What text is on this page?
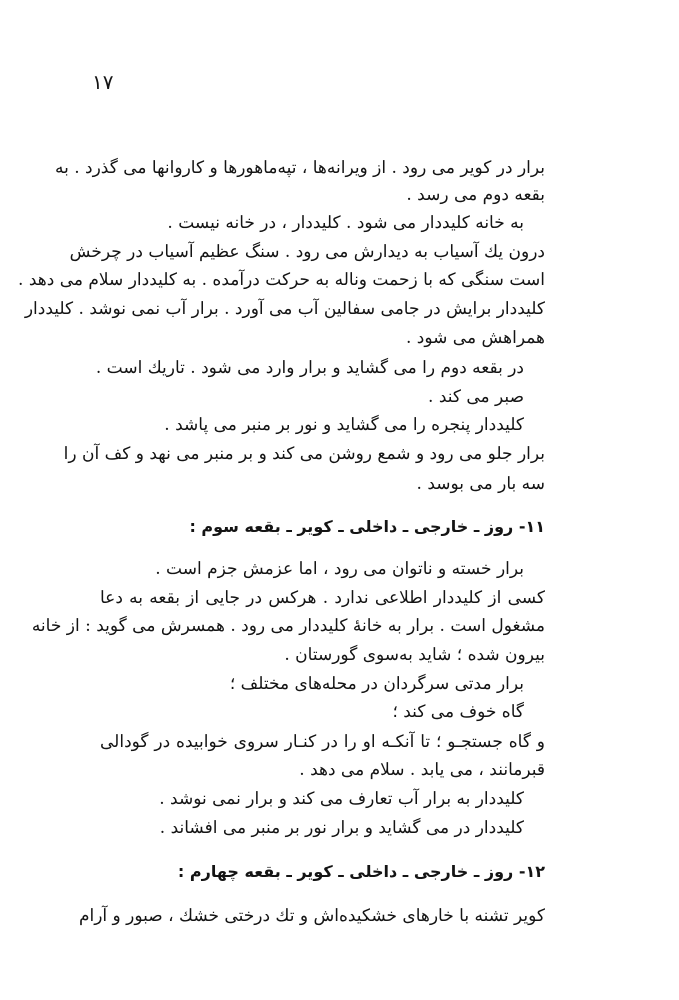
۱۷
برار در کویر می رود . از ویرانه‌ها ، تپه‌ماهورها و کاروانها می گذرد . به
بقعه دوم می رسد .
به خانه کلیددار می شود . کلیددار ، در خانه نیست .
درون یك آسیاب به دیدارش می رود . سنگ عظیم آسیاب در چرخش
است سنگی که با زحمت وناله به حرکت درآمده . به کلیددار سلام می دهد .
کلیددار برایش در جامی سفالین آب می آورد . برار آب نمی نوشد . کلیددار
همراهش می شود .
در بقعه دوم را می گشاید و برار وارد می شود . تاریك است .
صبر می کند .
کلیددار پنجره را می گشاید و نور بر منبر می پاشد .
برار جلو می رود و شمع روشن می کند و بر منبر می نهد و کف آن را
سه بار می بوسد .
۱۱- روز ـ خارجی ـ داخلی ـ کویر ـ بقعه سوم :
برار خسته و ناتوان می رود ، اما عزمش جزم است .
کسی از کلیددار اطلاعی ندارد . هرکس در جایی از بقعه به دعا
مشغول است . برار به خانهٔ کلیددار می رود . همسرش می گوید : از خانه
بیرون شده ؛ شاید به‌سوی گورستان .
برار مدتی سرگردان در محله‌های مختلف ؛
گاه خوف می کند ؛
و گاه جستجـو ؛ تا آنکـه او را در کنـار سروی خوابیده در گودالی
قبرمانند ، می یابد . سلام می دهد .
کلیددار به برار آب تعارف می کند و برار نمی نوشد .
کلیددار در می گشاید و برار نور بر منبر می افشاند .
۱۲- روز ـ خارجی ـ داخلی ـ کویر ـ بقعه چهارم :
کویر تشنه با خارهای خشکیده‌اش و تك درختی خشك ، صبور و آرام
